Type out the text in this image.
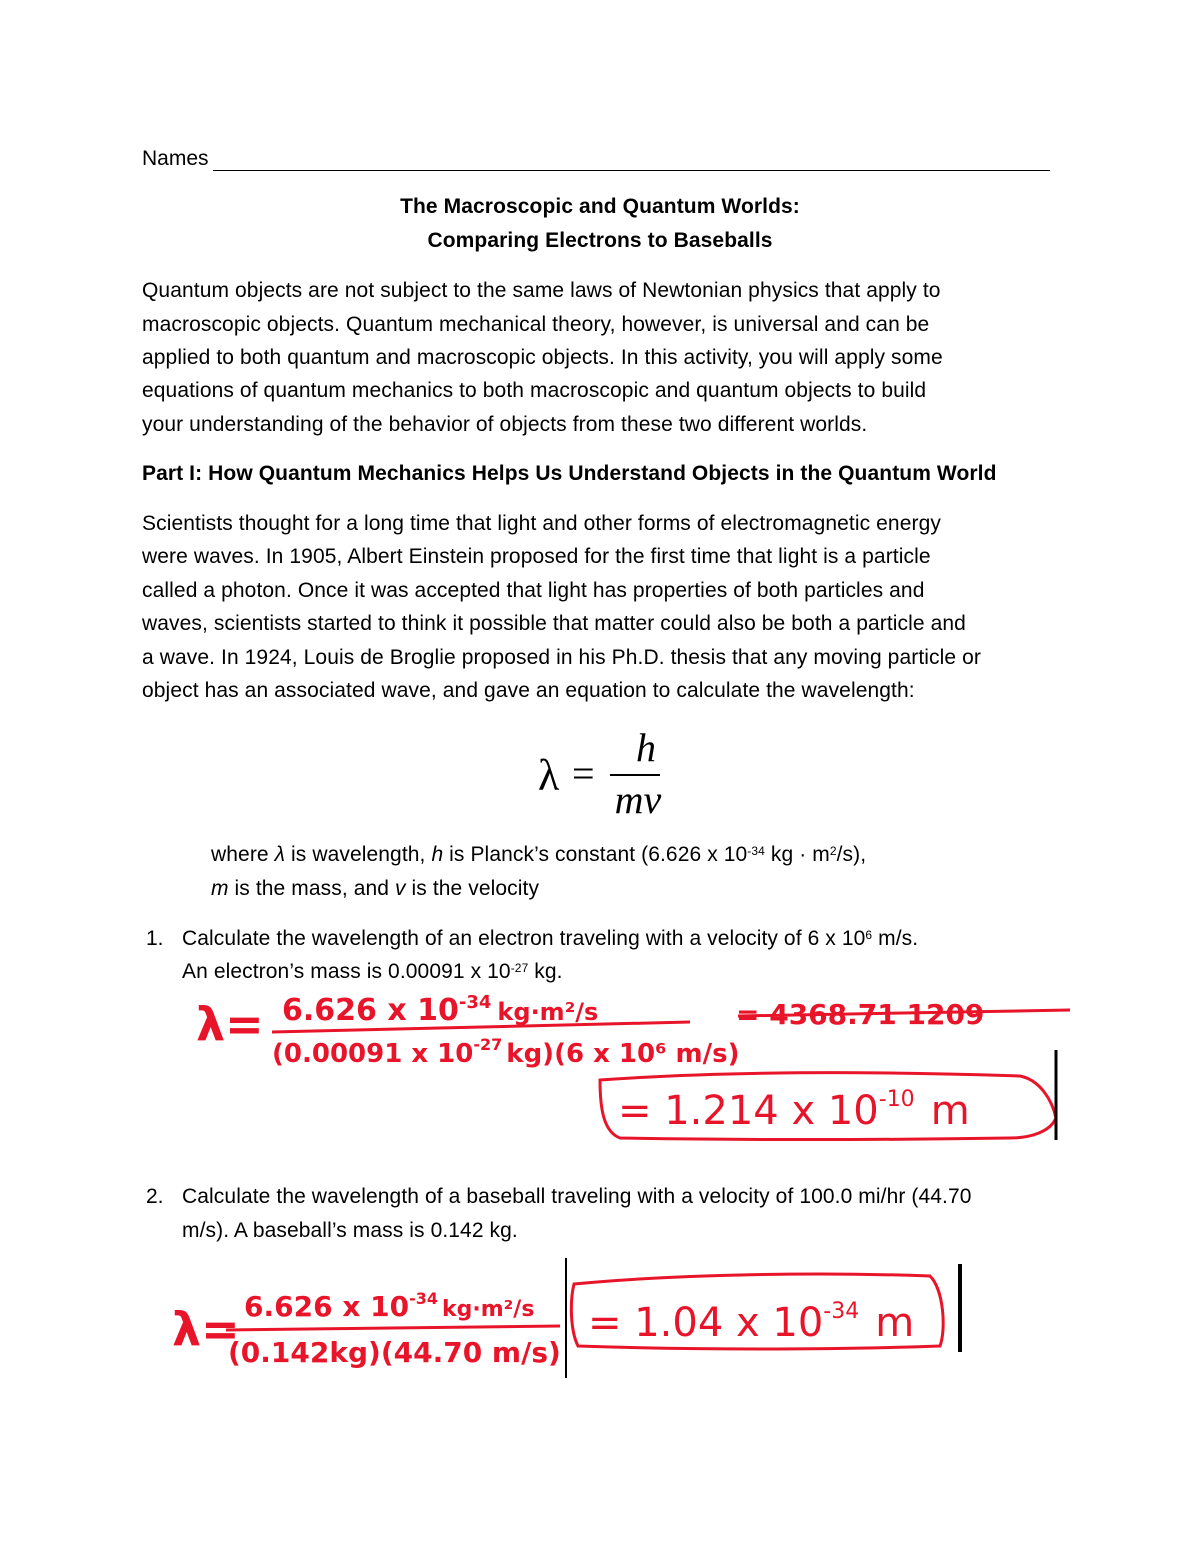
Names
The Macroscopic and Quantum Worlds:
Comparing Electrons to Baseballs
Quantum objects are not subject to the same laws of Newtonian physics that apply to
macroscopic objects. Quantum mechanical theory, however, is universal and can be
applied to both quantum and macroscopic objects. In this activity, you will apply some
equations of quantum mechanics to both macroscopic and quantum objects to build
your understanding of the behavior of objects from these two different worlds.
Part I: How Quantum Mechanics Helps Us Understand Objects in the Quantum World
Scientists thought for a long time that light and other forms of electromagnetic energy
were waves. In 1905, Albert Einstein proposed for the first time that light is a particle
called a photon. Once it was accepted that light has properties of both particles and
waves, scientists started to think it possible that matter could also be both a particle and
a wave. In 1924, Louis de Broglie proposed in his Ph.D. thesis that any moving particle or
object has an associated wave, and gave an equation to calculate the wavelength:
λ =
h
mv
where λ is wavelength, h is Planck’s constant (6.626 x $10^{-34}$ kg · $m^2/s$),
m is the mass, and v is the velocity
1. Calculate the wavelength of an electron traveling with a velocity of 6 x $10^6$ m/s.
An electron’s mass is 0.00091 x $10^{-27}$ kg.
2. Calculate the wavelength of a baseball traveling with a velocity of 100.0 mi/hr (44.70
m/s). A baseball’s mass is 0.142 kg.
λ= 6.626 x $10^{-34}$ $_{kg\cdot m^2/s}$
(0.00091 x $10^{-27}$ kg)(6 x 10⁶ m/s)
= 4368.71 1209
= 1.214 x $10^{-10}$ m
λ= 6.626 x $10^{-34}$ $_{kg\cdot m^2/s}$
(0.142kg)(44.70 m/s)
= 1.04 x $10^{-34}$ m
